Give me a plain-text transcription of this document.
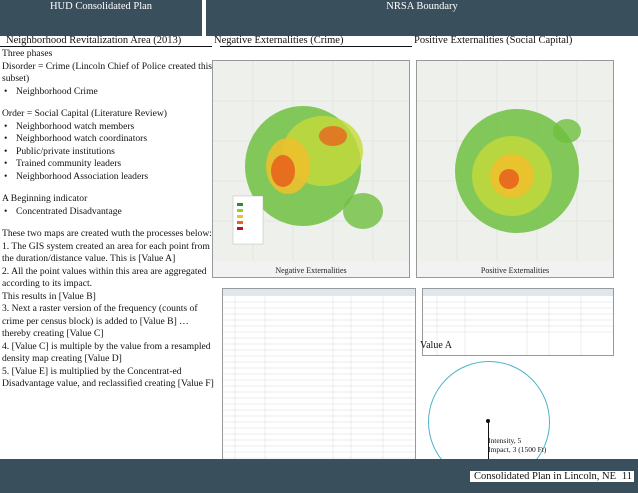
HUD Consolidated Plan	NRSA Boundary
Neighborhood Revitalization Area (2013)	Negative Externalities (Crime)	Positive Externalities (Social Capital)

Three phases

Disorder = Crime (Lincoln Chief of Police created this subset)

• Neighborhood Crime

Order = Social Capital (Literature Review)

• Neighborhood watch members

• Neighborhood watch coordinators

• Public/private institutions

• Trained community leaders

• Neighborhood Association leaders

A Beginning indicator

• Concentrated Disadvantage

These two maps are created wuth the processes below:

1. The GIS system created an area for each point from the duration/distance value. This is [Value A]

2. All the point values within this area are aggregated according to its impact.

This results in [Value B]

3. Next a raster version of the frequency (counts of crime per census block) is added to [Value B] … thereby creating [Value C]

4. [Value C] is multiple by the value from a resampled density map creating [Value D]

5. [Value E] is multiplied by the Concentrat-ed Disadvantage value, and reclassified creating [Value F]

Negative Externalities	Positive Externalities
Value A
Intensity, 5
Impact, 3 (1500 Ft)
Consolidated Plan in Lincoln, NE 11
